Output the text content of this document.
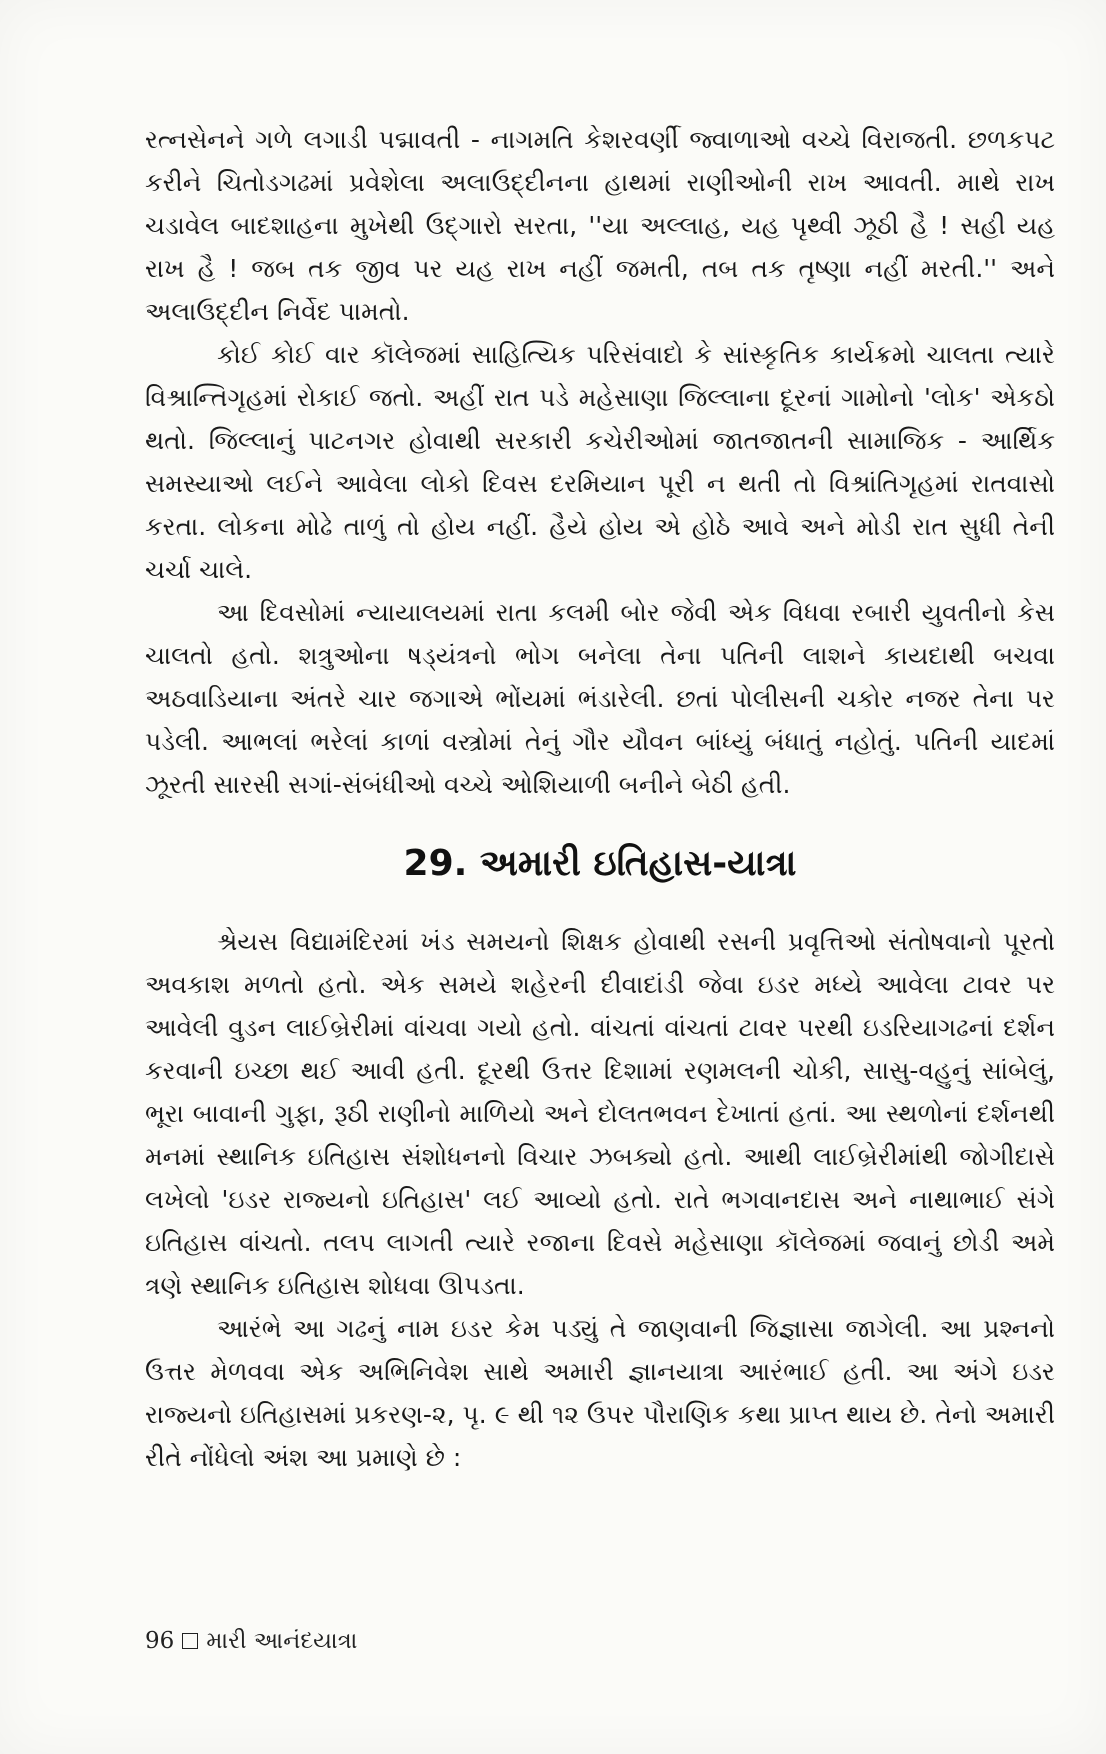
રત્નસેનને ગળે લગાડી પદ્માવતી - નાગમતિ કેશરવર્ણી જ્વાળાઓ વચ્ચે વિરાજતી. છળકપટ કરીને ચિતોડગઢમાં પ્રવેશેલા અલાઉદ્દીનના હાથમાં રાણીઓની રાખ આવતી. માથે રાખ ચડાવેલ બાદશાહના મુખેથી ઉદ્‌ગારો સરતા, ''યા અલ્લાહ, યહ પૃથ્વી ઝૂઠી હૈ ! સહી યહ રાખ હૈ ! જબ તક જીવ પર યહ રાખ નહીં જમતી, તબ તક તૃષ્ણા નહીં મરતી.'' અને અલાઉદ્દીન નિર્વેદ પામતો.

કોઈ કોઈ વાર કૉલેજમાં સાહિત્યિક પરિસંવાદો કે સાંસ્કૃતિક કાર્યક્રમો ચાલતા ત્યારે વિશ્રાન્તિગૃહમાં રોકાઈ જતો. અહીં રાત પડે મહેસાણા જિલ્લાના દૂરનાં ગામોનો 'લોક' એકઠો થતો. જિલ્લાનું પાટનગર હોવાથી સરકારી કચેરીઓમાં જાતજાતની સામાજિક - આર્થિક સમસ્યાઓ લઈને આવેલા લોકો દિવસ દરમિયાન પૂરી ન થતી તો વિશ્રાંતિગૃહમાં રાતવાસો કરતા. લોકના મોઢે તાળું તો હોય નહીં. હૈયે હોય એ હોઠે આવે અને મોડી રાત સુધી તેની ચર્ચા ચાલે.

આ દિવસોમાં ન્યાયાલયમાં રાતા કલમી બોર જેવી એક વિધવા રબારી યુવતીનો કેસ ચાલતો હતો. શત્રુઓના ષડ્‌યંત્રનો ભોગ બનેલા તેના પતિની લાશને કાયદાથી બચવા અઠવાડિયાના અંતરે ચાર જગાએ ભોંયમાં ભંડારેલી. છતાં પોલીસની ચકોર નજર તેના પર પડેલી. આભલાં ભરેલાં કાળાં વસ્ત્રોમાં તેનું ગૌર યૌવન બાંધ્યું બંધાતું નહોતું. પતિની યાદમાં ઝૂરતી સારસી સગાં-સંબંધીઓ વચ્ચે ઓશિયાળી બનીને બેઠી હતી.

29. અમારી ઇતિહાસ-યાત્રા

શ્રેયસ વિદ્યામંદિરમાં ખંડ સમયનો શિક્ષક હોવાથી રસની પ્રવૃત્તિઓ સંતોષવાનો પૂરતો અવકાશ મળતો હતો. એક સમયે શહેરની દીવાદાંડી જેવા ઇડર મધ્યે આવેલા ટાવર પર આવેલી વુડન લાઈબ્રેરીમાં વાંચવા ગયો હતો. વાંચતાં વાંચતાં ટાવર પરથી ઇડરિયાગઢનાં દર્શન કરવાની ઇચ્છા થઈ આવી હતી. દૂરથી ઉત્તર દિશામાં રણમલની ચોકી, સાસુ-વહુનું સાંબેલું, ભૂરા બાવાની ગુફા, રૂઠી રાણીનો માળિયો અને દોલતભવન દેખાતાં હતાં. આ સ્થળોનાં દર્શનથી મનમાં સ્થાનિક ઇતિહાસ સંશોધનનો વિચાર ઝબક્યો હતો. આથી લાઈબ્રેરીમાંથી જોગીદાસે લખેલો 'ઇડર રાજ્યનો ઇતિહાસ' લઈ આવ્યો હતો. રાતે ભગવાનદાસ અને નાથાભાઈ સંગે ઇતિહાસ વાંચતો. તલપ લાગતી ત્યારે રજાના દિવસે મહેસાણા કૉલેજમાં જવાનું છોડી અમે ત્રણે સ્થાનિક ઇતિહાસ શોધવા ઊપડતા.

આરંભે આ ગઢનું નામ ઇડર કેમ પડ્યું તે જાણવાની જિજ્ઞાસા જાગેલી. આ પ્રશ્નનો ઉત્તર મેળવવા એક અભિનિવેશ સાથે અમારી જ્ઞાનયાત્રા આરંભાઈ હતી. આ અંગે ઇડર રાજ્યનો ઇતિહાસમાં પ્રકરણ-૨, પૃ. ૯ થી ૧૨ ઉપર પૌરાણિક કથા પ્રાપ્ત થાય છે. તેનો અમારી રીતે નોંધેલો અંશ આ પ્રમાણે છે :

96 મારી આનંદયાત્રા
